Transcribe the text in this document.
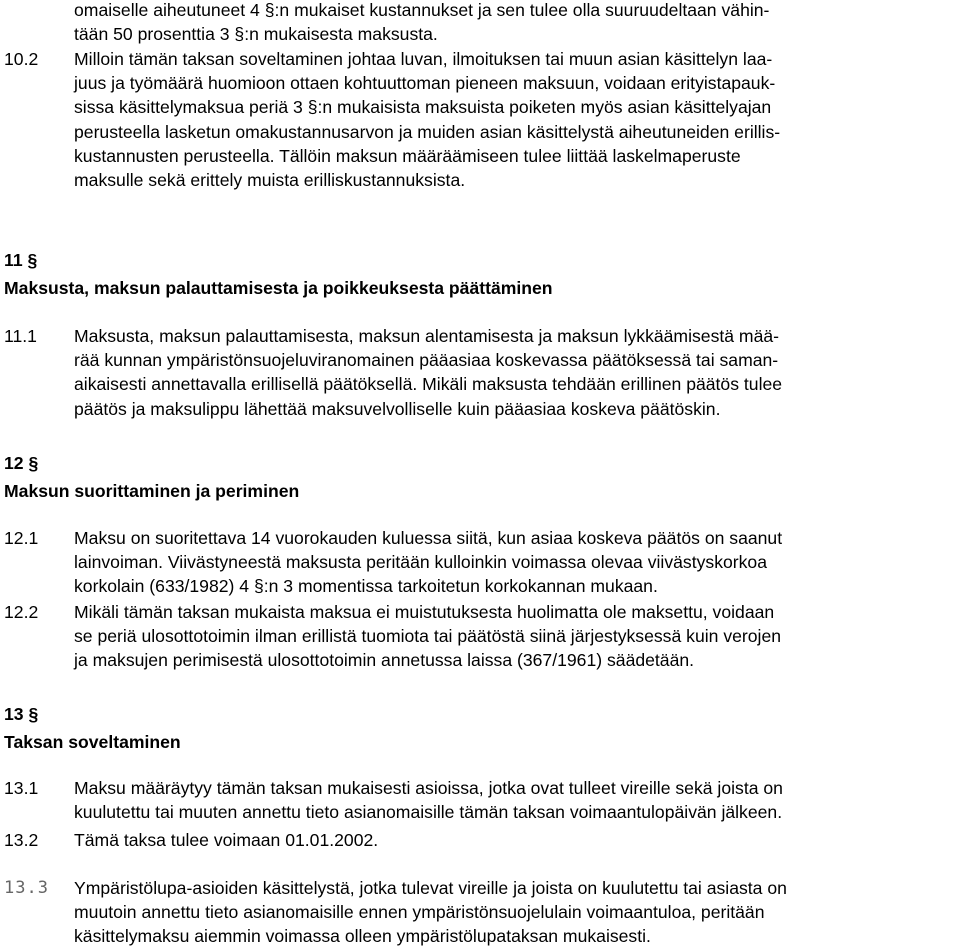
omaiselle aiheutuneet 4 §:n mukaiset kustannukset ja sen tulee olla suuruudeltaan vähin-
tään 50 prosenttia 3 §:n mukaisesta maksusta.
10.2 Milloin tämän taksan soveltaminen johtaa luvan, ilmoituksen tai muun asian käsittelyn laa-
juus ja työmäärä huomioon ottaen kohtuuttoman pieneen maksuun, voidaan erityistapauk-
sissa käsittelymaksua periä 3 §:n mukaisista maksuista poiketen myös asian käsittelyajan
perusteella lasketun omakustannusarvon ja muiden asian käsittelystä aiheutuneiden erillis-
kustannusten perusteella. Tällöin maksun määräämiseen tulee liittää laskelmaperuste
maksulle sekä erittely muista erilliskustannuksista.
11 §
Maksusta, maksun palauttamisesta ja poikkeuksesta päättäminen
11.1 Maksusta, maksun palauttamisesta, maksun alentamisesta ja maksun lykkäämisestä mää-
rää kunnan ympäristönsuojeluviranomainen pääasiaa koskevassa päätöksessä tai saman-
aikaisesti annettavalla erillisellä päätöksellä. Mikäli maksusta tehdään erillinen päätös tulee
päätös ja maksulippu lähettää maksuvelvolliselle kuin pääasiaa koskeva päätöskin.
12 §
Maksun suorittaminen ja periminen
12.1 Maksu on suoritettava 14 vuorokauden kuluessa siitä, kun asiaa koskeva päätös on saanut
lainvoiman. Viivästyneestä maksusta peritään kulloinkin voimassa olevaa viivästyskorkoa
korkolain (633/1982) 4 §:n 3 momentissa tarkoitetun korkokannan mukaan.
12.2 Mikäli tämän taksan mukaista maksua ei muistutuksesta huolimatta ole maksettu, voidaan
se periä ulosottotoimin ilman erillistä tuomiota tai päätöstä siinä järjestyksessä kuin verojen
ja maksujen perimisestä ulosottotoimin annetussa laissa (367/1961) säädetään.
13 §
Taksan soveltaminen
13.1 Maksu määräytyy tämän taksan mukaisesti asioissa, jotka ovat tulleet vireille sekä joista on
kuulutettu tai muuten annettu tieto asianomaisille tämän taksan voimaantulopäivän jälkeen.
13.2 Tämä taksa tulee voimaan 01.01.2002.
13.3 Ympäristölupa-asioiden käsittelystä, jotka tulevat vireille ja joista on kuulutettu tai asiasta on
muutoin annettu tieto asianomaisille ennen ympäristönsuojelulain voimaantuloa, peritään
käsittelymaksu aiemmin voimassa olleen ympäristölupataksan mukaisesti.
